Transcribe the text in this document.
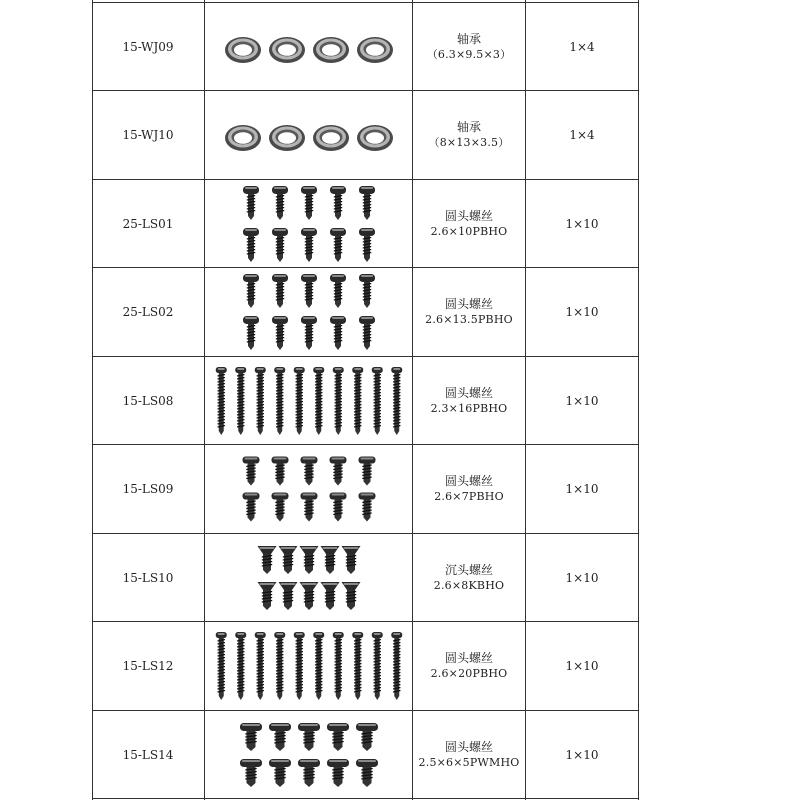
15-WJ09
轴承
（6.3×9.5×3）
1×4
15-WJ10
轴承
（8×13×3.5）
1×4
25-LS01
圆头螺丝
2.6×10PBHO
1×10
25-LS02
圆头螺丝
2.6×13.5PBHO
1×10
15-LS08
圆头螺丝
2.3×16PBHO
1×10
15-LS09
圆头螺丝
2.6×7PBHO
1×10
15-LS10
沉头螺丝
2.6×8KBHO
1×10
15-LS12
圆头螺丝
2.6×20PBHO
1×10
15-LS14
圆头螺丝
2.5×6×5PWMHO
1×10
